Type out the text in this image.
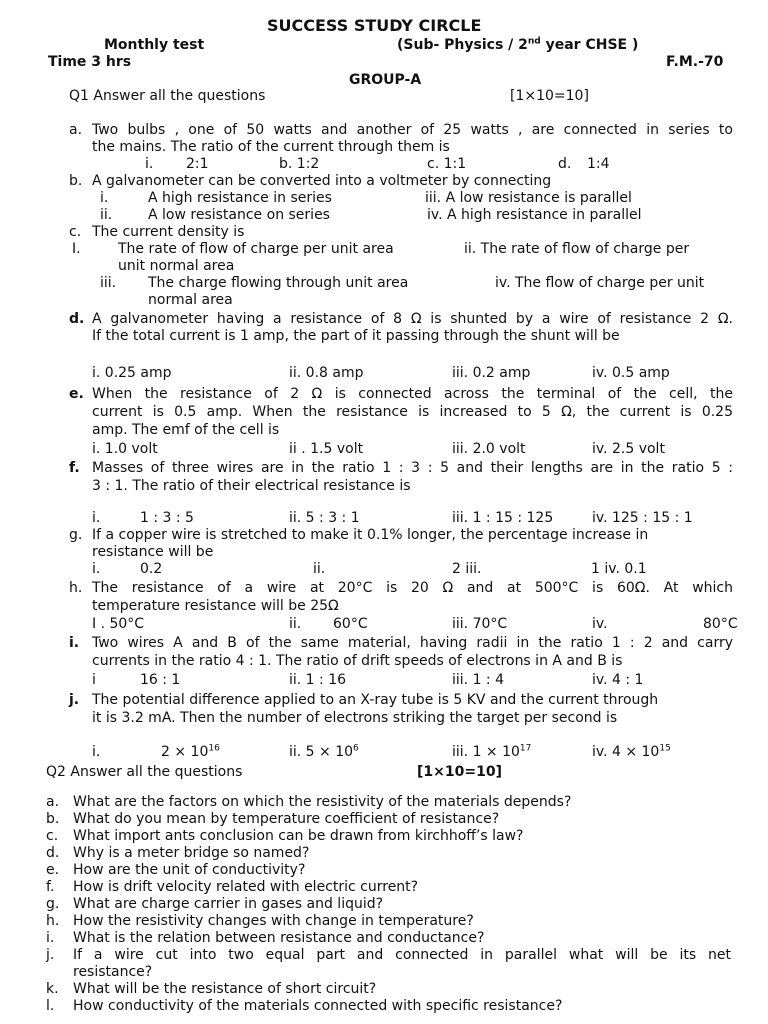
SUCCESS STUDY CIRCLE
Monthly test	(Sub- Physics / 2nd year CHSE )
Time 3 hrs	F.M.-70
GROUP-A
Q1 Answer all the questions	[1×10=10]
a. Two bulbs , one of 50 watts and another of 25 watts , are connected in series to
the mains. The ratio of the current through them is
i. 2:1	b. 1:2	c. 1:1	d. 1:4
b. A galvanometer can be converted into a voltmeter by connecting
i.	A high resistance in series	iii. A low resistance is parallel
ii.	A low resistance on series	iv. A high resistance in parallel
c. The current density is
I.	The rate of flow of charge per unit area	ii. The rate of flow of charge per
unit normal area
iii. The charge flowing through unit area	iv. The flow of charge per unit
normal area
d. A galvanometer having a resistance of 8 Ω is shunted by a wire of resistance 2 Ω.
If the total current is 1 amp, the part of it passing through the shunt will be
i. 0.25 amp	ii. 0.8 amp	iii. 0.2 amp	iv. 0.5 amp
e. When the resistance of 2 Ω is connected across the terminal of the cell, the
current is 0.5 amp. When the resistance is increased to 5 Ω, the current is 0.25
amp. The emf of the cell is
i. 1.0 volt	ii . 1.5 volt	iii. 2.0 volt	iv. 2.5 volt
f. Masses of three wires are in the ratio 1 : 3 : 5 and their lengths are in the ratio 5 :
3 : 1. The ratio of their electrical resistance is
i.	1 : 3 : 5	ii. 5 : 3 : 1	iii. 1 : 15 : 125	iv. 125 : 15 : 1
g. If a copper wire is stretched to make it 0.1% longer, the percentage increase in
resistance will be
i.	0.2	ii.	2 iii.	1 iv. 0.1
h. The resistance of a wire at 20°C is 20 Ω and at 500°C is 60Ω. At which
temperature resistance will be 25Ω
I . 50°C	ii. 60°C	iii. 70°C	iv.	80°C
i. Two wires A and B of the same material, having radii in the ratio 1 : 2 and carry
currents in the ratio 4 : 1. The ratio of drift speeds of electrons in A and B is
i	16 : 1	ii. 1 : 16	iii. 1 : 4	iv. 4 : 1
j. The potential difference applied to an X-ray tube is 5 KV and the current through
it is 3.2 mA. Then the number of electrons striking the target per second is
i.	$2 \times 10^{16}$	ii. $5 \times 10^6$	iii. $1 \times 10^{17}$	iv. $4 \times 10^{15}$
Q2 Answer all the questions	[1×10=10]
a. What are the factors on which the resistivity of the materials depends?
b. What do you mean by temperature coefficient of resistance?
c. What import ants conclusion can be drawn from kirchhoff’s law?
d. Why is a meter bridge so named?
e. How are the unit of conductivity?
f. How is drift velocity related with electric current?
g. What are charge carrier in gases and liquid?
h. How the resistivity changes with change in temperature?
i. What is the relation between resistance and conductance?
j. If a wire cut into two equal part and connected in parallel what will be its net
resistance?
k. What will be the resistance of short circuit?
l. How conductivity of the materials connected with specific resistance?
